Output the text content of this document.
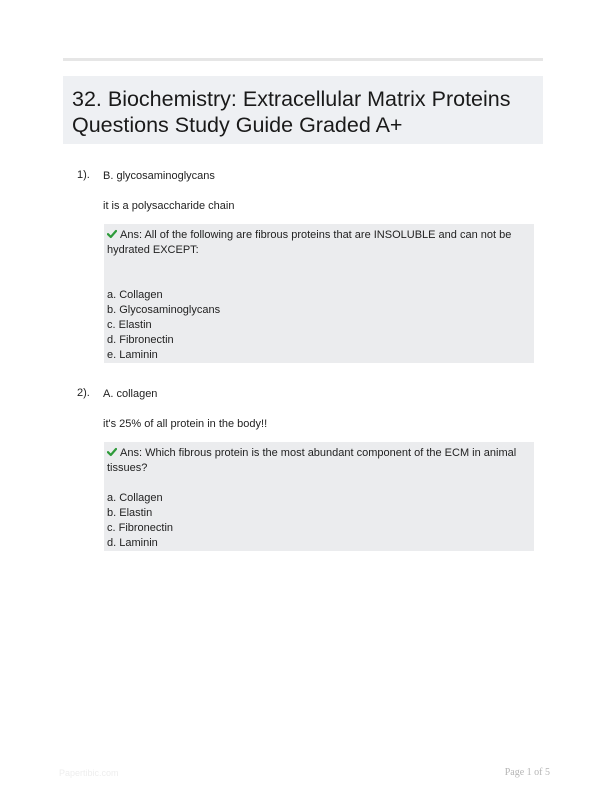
32. Biochemistry: Extracellular Matrix Proteins Questions Study Guide Graded A+
1). B. glycosaminoglycans
it is a polysaccharide chain
Ans: All of the following are fibrous proteins that are INSOLUBLE and can not be hydrated EXCEPT:
a. Collagen
b. Glycosaminoglycans
c. Elastin
d. Fibronectin
e. Laminin
2). A. collagen
it's 25% of all protein in the body!!
Ans: Which fibrous protein is the most abundant component of the ECM in animal tissues?
a. Collagen
b. Elastin
c. Fibronectin
d. Laminin
Papertibic.com	Page 1 of 5
